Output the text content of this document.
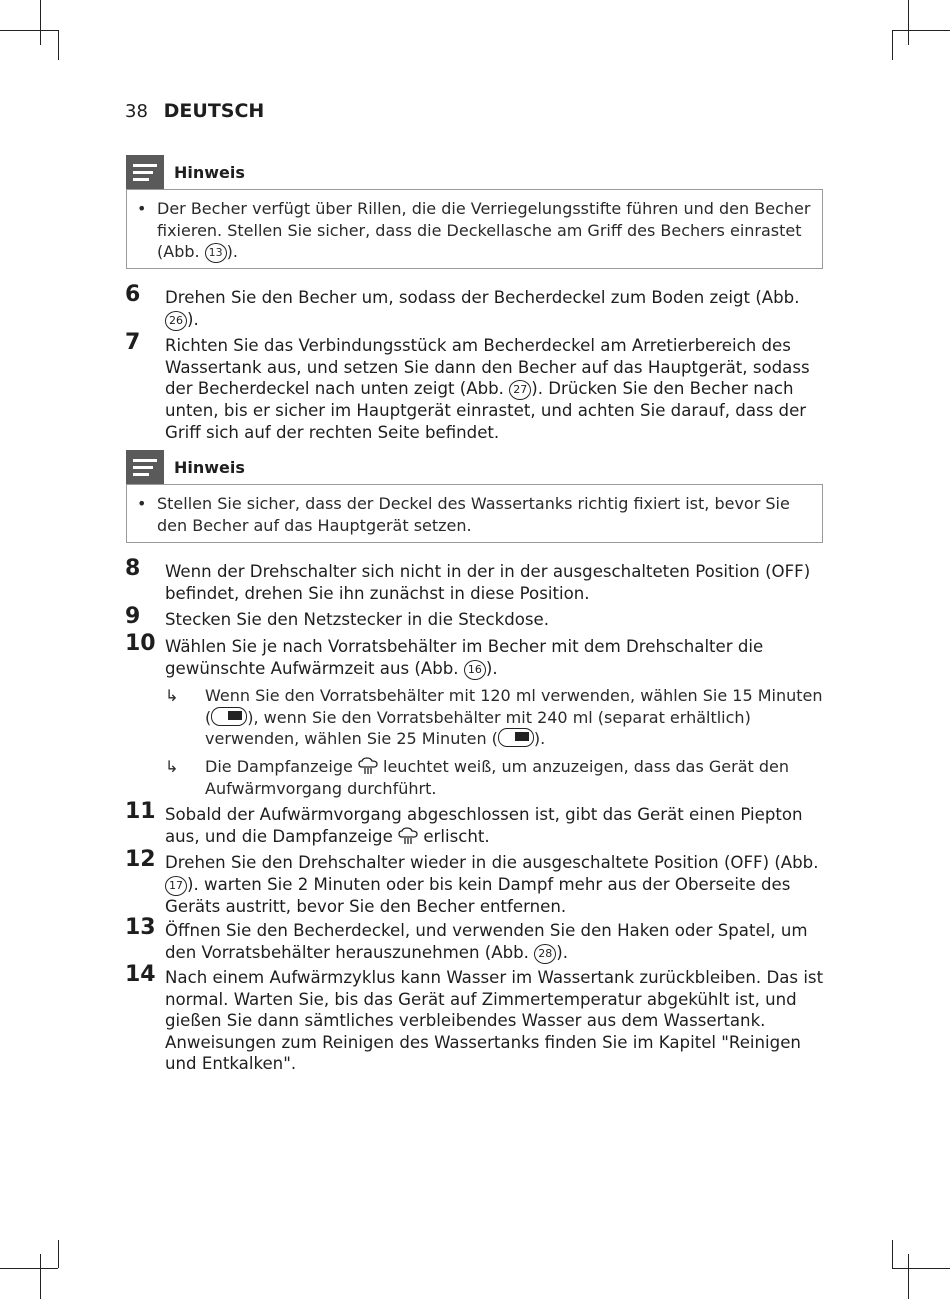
38 DEUTSCH
Hinweis
• Der Becher verfügt über Rillen, die die Verriegelungsstifte führen und den Becher fixieren. Stellen Sie sicher, dass die Deckellasche am Griff des Bechers einrastet (Abb. 13 ).
6 Drehen Sie den Becher um, sodass der Becherdeckel zum Boden zeigt (Abb. 26 ).
7 Richten Sie das Verbindungsstück am Becherdeckel am Arretierbereich des Wassertank aus, und setzen Sie dann den Becher auf das Hauptgerät, sodass der Becherdeckel nach unten zeigt (Abb. 27 ). Drücken Sie den Becher nach unten, bis er sicher im Hauptgerät einrastet, und achten Sie darauf, dass der Griff sich auf der rechten Seite befindet.
Hinweis
• Stellen Sie sicher, dass der Deckel des Wassertanks richtig fixiert ist, bevor Sie den Becher auf das Hauptgerät setzen.
8 Wenn der Drehschalter sich nicht in der in der ausgeschalteten Position (OFF) befindet, drehen Sie ihn zunächst in diese Position.
9 Stecken Sie den Netzstecker in die Steckdose.
10 Wählen Sie je nach Vorratsbehälter im Becher mit dem Drehschalter die gewünschte Aufwärmzeit aus (Abb. 16 ).
↳ Wenn Sie den Vorratsbehälter mit 120 ml verwenden, wählen Sie 15 Minuten ( ), wenn Sie den Vorratsbehälter mit 240 ml (separat erhältlich) verwenden, wählen Sie 25 Minuten ( ).
↳ Die Dampfanzeige  leuchtet weiß, um anzuzeigen, dass das Gerät den Aufwärmvorgang durchführt.
11 Sobald der Aufwärmvorgang abgeschlossen ist, gibt das Gerät einen Piepton aus, und die Dampfanzeige  erlischt.
12 Drehen Sie den Drehschalter wieder in die ausgeschaltete Position (OFF) (Abb. 17 ). warten Sie 2 Minuten oder bis kein Dampf mehr aus der Oberseite des Geräts austritt, bevor Sie den Becher entfernen.
13 Öffnen Sie den Becherdeckel, und verwenden Sie den Haken oder Spatel, um den Vorratsbehälter herauszunehmen (Abb. 28 ).
14 Nach einem Aufwärmzyklus kann Wasser im Wassertank zurückbleiben. Das ist normal. Warten Sie, bis das Gerät auf Zimmertemperatur abgekühlt ist, und gießen Sie dann sämtliches verbleibendes Wasser aus dem Wassertank. Anweisungen zum Reinigen des Wassertanks finden Sie im Kapitel "Reinigen und Entkalken".
